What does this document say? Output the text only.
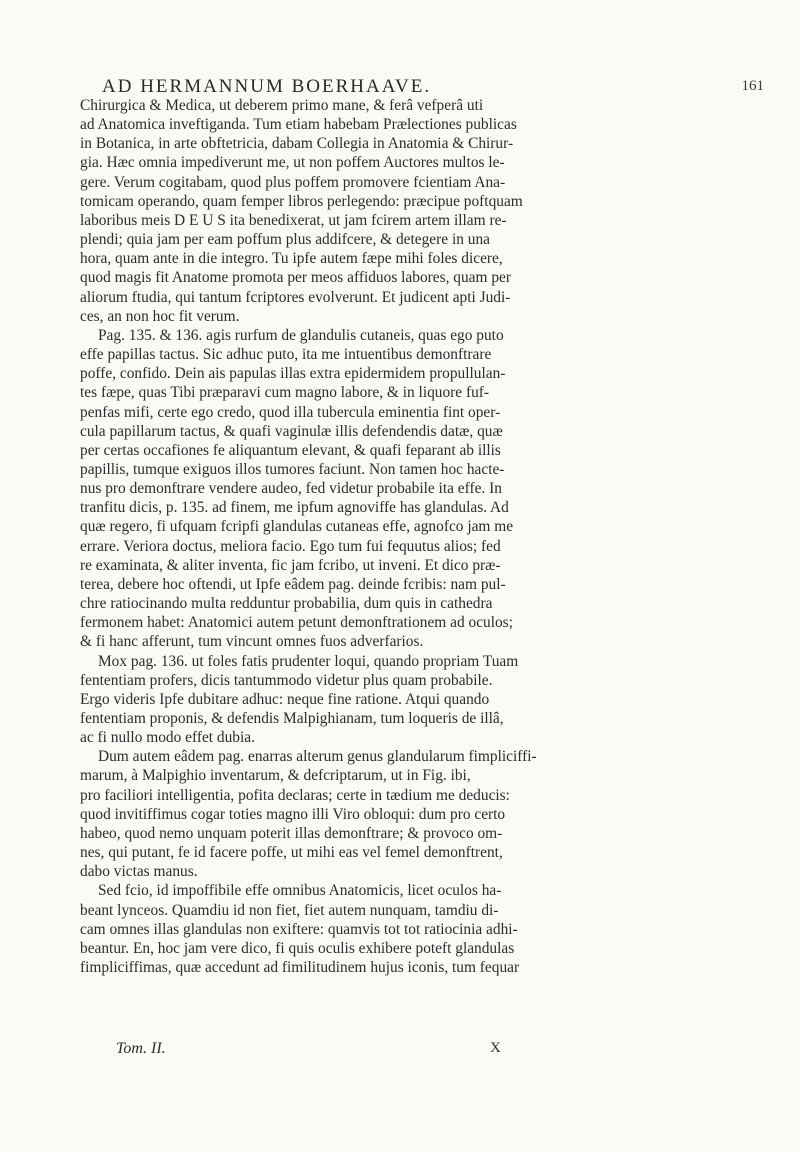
AD HERMANNUM BOERHAAVE.	161
Chirurgica & Medica, ut deberem primo mane, & ferâ vefperâ uti
ad Anatomica inveftiganda. Tum etiam habebam Prælectiones publicas
in Botanica, in arte obftetricia, dabam Collegia in Anatomia & Chirur-
gia. Hæc omnia impediverunt me, ut non poffem Auctores multos le-
gere. Verum cogitabam, quod plus poffem promovere fcientiam Ana-
tomicam operando, quam femper libros perlegendo: præcipue poftquam
laboribus meis D E U S ita benedixerat, ut jam fcirem artem illam re-
plendi; quia jam per eam poffum plus addifcere, & detegere in una
hora, quam ante in die integro. Tu ipfe autem fæpe mihi foles dicere,
quod magis fit Anatome promota per meos affiduos labores, quam per
aliorum ftudia, qui tantum fcriptores evolverunt. Et judicent apti Judi-
ces, an non hoc fit verum.
Pag. 135. & 136. agis rurfum de glandulis cutaneis, quas ego puto
effe papillas tactus. Sic adhuc puto, ita me intuentibus demonftrare
poffe, confido. Dein ais papulas illas extra epidermidem propullulan-
tes fæpe, quas Tibi præparavi cum magno labore, & in liquore fuf-
penfas mifi, certe ego credo, quod illa tubercula eminentia fint oper-
cula papillarum tactus, & quafi vaginulæ illis defendendis datæ, quæ
per certas occafiones fe aliquantum elevant, & quafi feparant ab illis
papillis, tumque exiguos illos tumores faciunt. Non tamen hoc hacte-
nus pro demonftrare vendere audeo, fed videtur probabile ita effe. In
tranfitu dicis, p. 135. ad finem, me ipfum agnoviffe has glandulas. Ad
quæ regero, fi ufquam fcripfi glandulas cutaneas effe, agnofco jam me
errare. Veriora doctus, meliora facio. Ego tum fui fequutus alios; fed
re examinata, & aliter inventa, fic jam fcribo, ut inveni. Et dico præ-
terea, debere hoc oftendi, ut Ipfe eâdem pag. deinde fcribis: nam pul-
chre ratiocinando multa redduntur probabilia, dum quis in cathedra
fermonem habet: Anatomici autem petunt demonftrationem ad oculos;
& fi hanc afferunt, tum vincunt omnes fuos adverfarios.
Mox pag. 136. ut foles fatis prudenter loqui, quando propriam Tuam
fententiam profers, dicis tantummodo videtur plus quam probabile.
Ergo videris Ipfe dubitare adhuc: neque fine ratione. Atqui quando
fententiam proponis, & defendis Malpighianam, tum loqueris de illâ,
ac fi nullo modo effet dubia.
Dum autem eâdem pag. enarras alterum genus glandularum fimpliciffi-
marum, à Malpighio inventarum, & defcriptarum, ut in Fig. ibi,
pro faciliori intelligentia, pofita declaras; certe in tædium me deducis:
quod invitiffimus cogar toties magno illi Viro obloqui: dum pro certo
habeo, quod nemo unquam poterit illas demonftrare; & provoco om-
nes, qui putant, fe id facere poffe, ut mihi eas vel femel demonftrent,
dabo victas manus.
Sed fcio, id impoffibile effe omnibus Anatomicis, licet oculos ha-
beant lynceos. Quamdiu id non fiet, fiet autem nunquam, tamdiu di-
cam omnes illas glandulas non exiftere: quamvis tot tot ratiocinia adhi-
beantur. En, hoc jam vere dico, fi quis oculis exhibere poteft glandulas
fimpliciffimas, quæ accedunt ad fimilitudinem hujus iconis, tum fequar
Tom. II.	X
